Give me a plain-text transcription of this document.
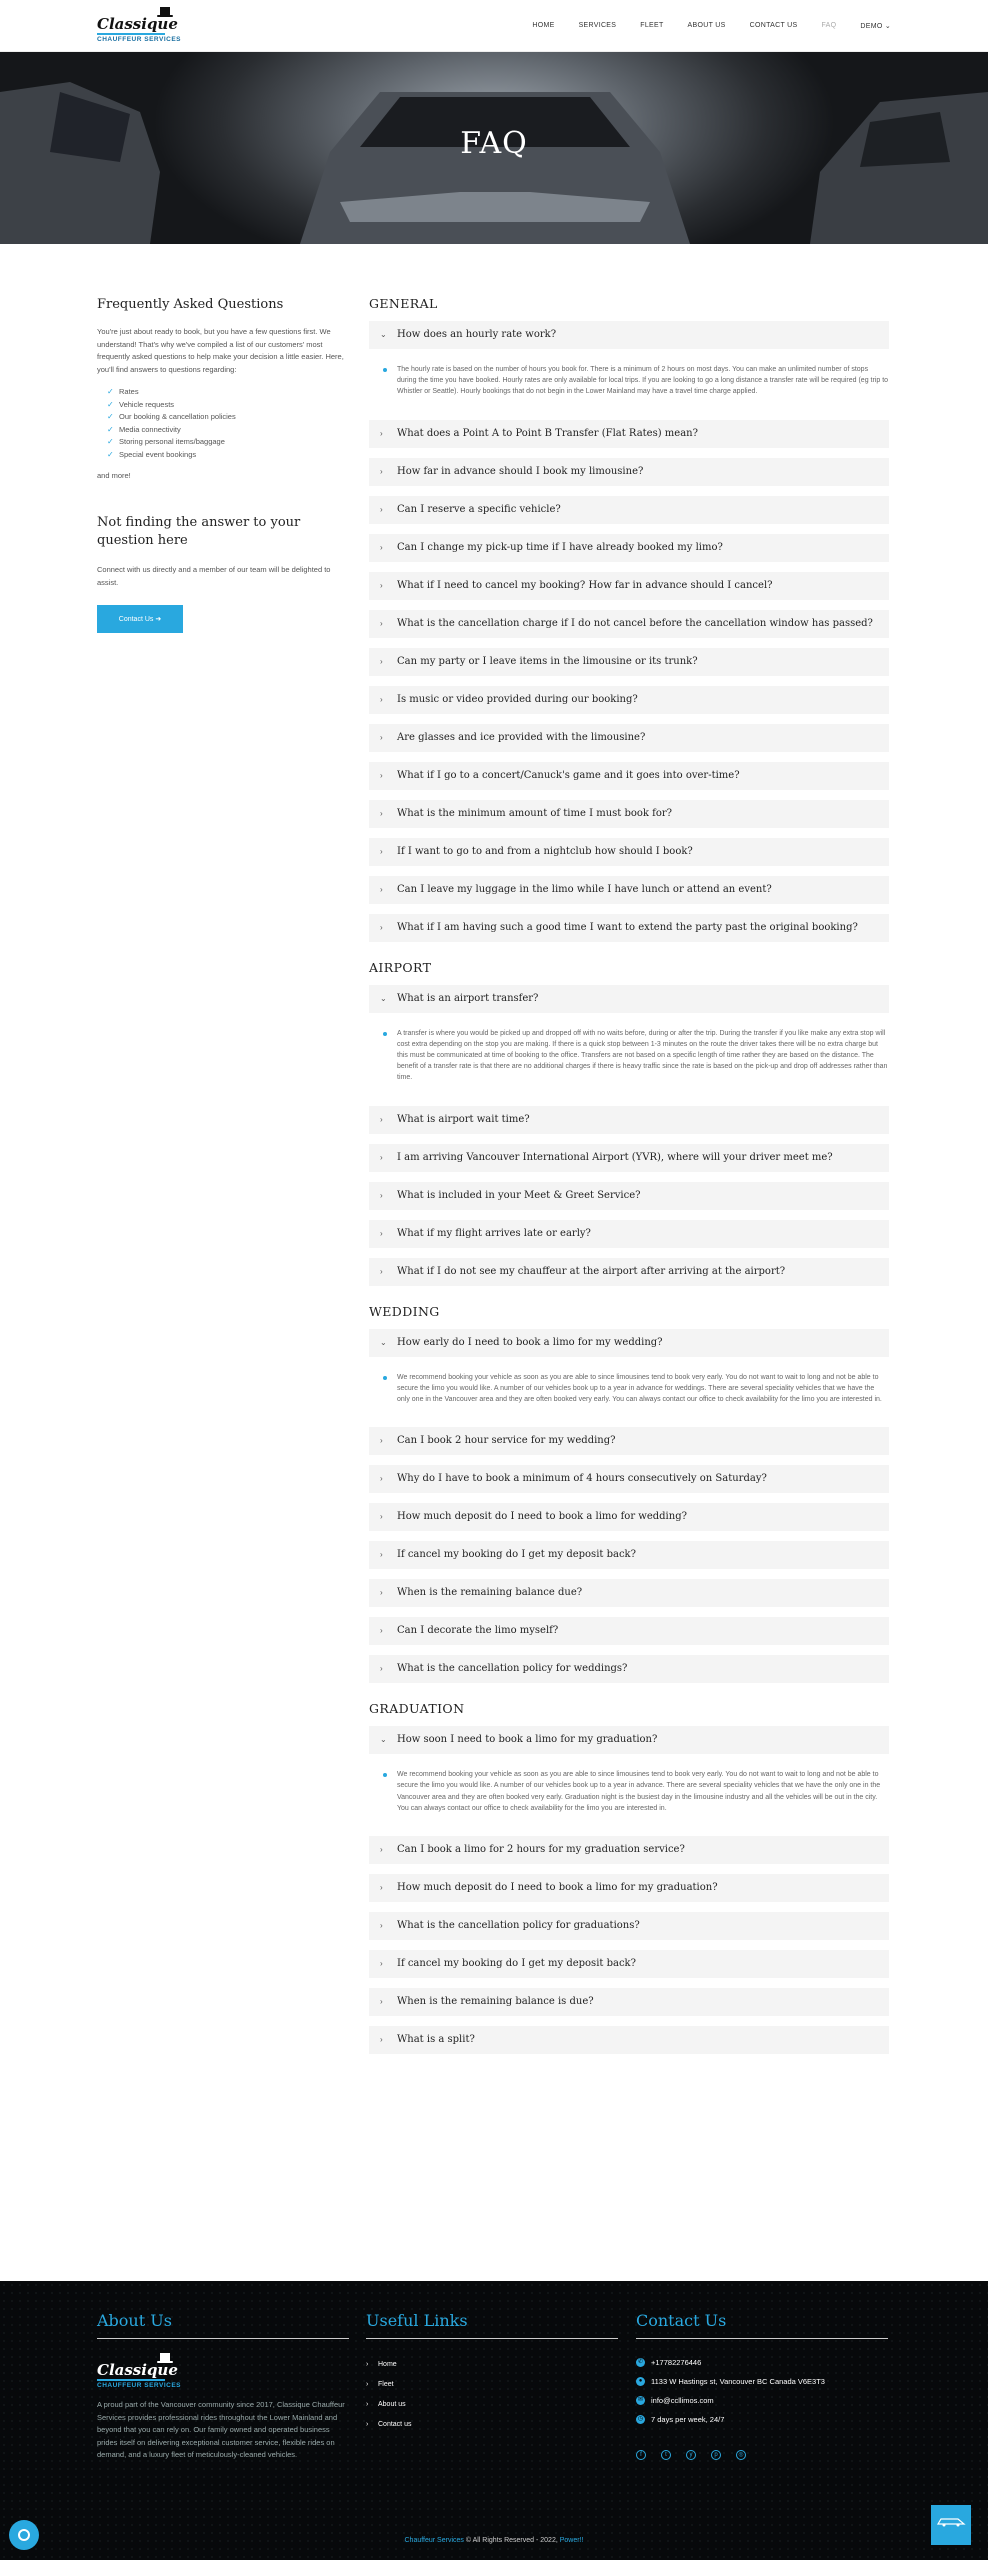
Classique
CHAUFFEUR SERVICES
HOME	SERVICES	FLEET	ABOUT US	CONTACT US	FAQ	DEMO ⌄
FAQ
Frequently Asked Questions

You're just about ready to book, but you have a few questions first. We understand! That's why we've compiled a list of our customers' most frequently asked questions to help make your decision a little easier. Here, you'll find answers to questions regarding:

✓ Rates
✓ Vehicle requests
✓ Our booking & cancellation policies
✓ Media connectivity
✓ Storing personal items/baggage
✓ Special event bookings
and more!
Not finding the answer to your question here

Connect with us directly and a member of our team will be delighted to assist.

Contact Us ➜
GENERAL
⌄ How does an hourly rate work?

The hourly rate is based on the number of hours you book for. There is a minimum of 2 hours on most days. You can make an unlimited number of stops during the time you have booked. Hourly rates are only available for local trips. If you are looking to go a long distance a transfer rate will be required (eg trip to Whistler or Seattle). Hourly bookings that do not begin in the Lower Mainland may have a travel time charge applied.

› What does a Point A to Point B Transfer (Flat Rates) mean?
› How far in advance should I book my limousine?
› Can I reserve a specific vehicle?
› Can I change my pick-up time if I have already booked my limo?
› What if I need to cancel my booking? How far in advance should I cancel?
› What is the cancellation charge if I do not cancel before the cancellation window has passed?
› Can my party or I leave items in the limousine or its trunk?
› Is music or video provided during our booking?
› Are glasses and ice provided with the limousine?
› What if I go to a concert/Canuck's game and it goes into over-time?
› What is the minimum amount of time I must book for?
› If I want to go to and from a nightclub how should I book?
› Can I leave my luggage in the limo while I have lunch or attend an event?
› What if I am having such a good time I want to extend the party past the original booking?
AIRPORT
⌄ What is an airport transfer?

A transfer is where you would be picked up and dropped off with no waits before, during or after the trip. During the transfer if you like make any extra stop will cost extra depending on the stop you are making. If there is a quick stop between 1-3 minutes on the route the driver takes there will be no extra charge but this must be communicated at time of booking to the office. Transfers are not based on a specific length of time rather they are based on the distance. The benefit of a transfer rate is that there are no additional charges if there is heavy traffic since the rate is based on the pick-up and drop off addresses rather than time.

› What is airport wait time?
› I am arriving Vancouver International Airport (YVR), where will your driver meet me?
› What is included in your Meet & Greet Service?
› What if my flight arrives late or early?
› What if I do not see my chauffeur at the airport after arriving at the airport?
WEDDING
⌄ How early do I need to book a limo for my wedding?

We recommend booking your vehicle as soon as you are able to since limousines tend to book very early. You do not want to wait to long and not be able to secure the limo you would like. A number of our vehicles book up to a year in advance for weddings. There are several speciality vehicles that we have the only one in the Vancouver area and they are often booked very early. You can always contact our office to check availability for the limo you are interested in.

› Can I book 2 hour service for my wedding?
› Why do I have to book a minimum of 4 hours consecutively on Saturday?
› How much deposit do I need to book a limo for wedding?
› If cancel my booking do I get my deposit back?
› When is the remaining balance due?
› Can I decorate the limo myself?
› What is the cancellation policy for weddings?
GRADUATION
⌄ How soon I need to book a limo for my graduation?

We recommend booking your vehicle as soon as you are able to since limousines tend to book very early. You do not want to wait to long and not be able to secure the limo you would like. A number of our vehicles book up to a year in advance. There are several speciality vehicles that we have the only one in the Vancouver area and they are often booked very early. Graduation night is the busiest day in the limousine industry and all the vehicles will be out in the city. You can always contact our office to check availability for the limo you are interested in.

› Can I book a limo for 2 hours for my graduation service?
› How much deposit do I need to book a limo for my graduation?
› What is the cancellation policy for graduations?
› If cancel my booking do I get my deposit back?
› When is the remaining balance is due?
› What is a split?
About Us
Classique
CHAUFFEUR SERVICES

A proud part of the Vancouver community since 2017, Classique Chauffeur Services provides professional rides throughout the Lower Mainland and beyond that you can rely on. Our family owned and operated business prides itself on delivering exceptional customer service, flexible rides on demand, and a luxury fleet of meticulously-cleaned vehicles.

Useful Links
› Home
› Fleet
› About us
› Contact us
Contact Us
✆ +17782276446
●	1133 W Hastings st, Vancouver BC Canada V6E3T3
✉ info@ccllimos.com
◷ 7 days per week, 24/7
f	t	y	p	◎
Chauffeur Services © All Rights Reserved - 2022, Power!!
